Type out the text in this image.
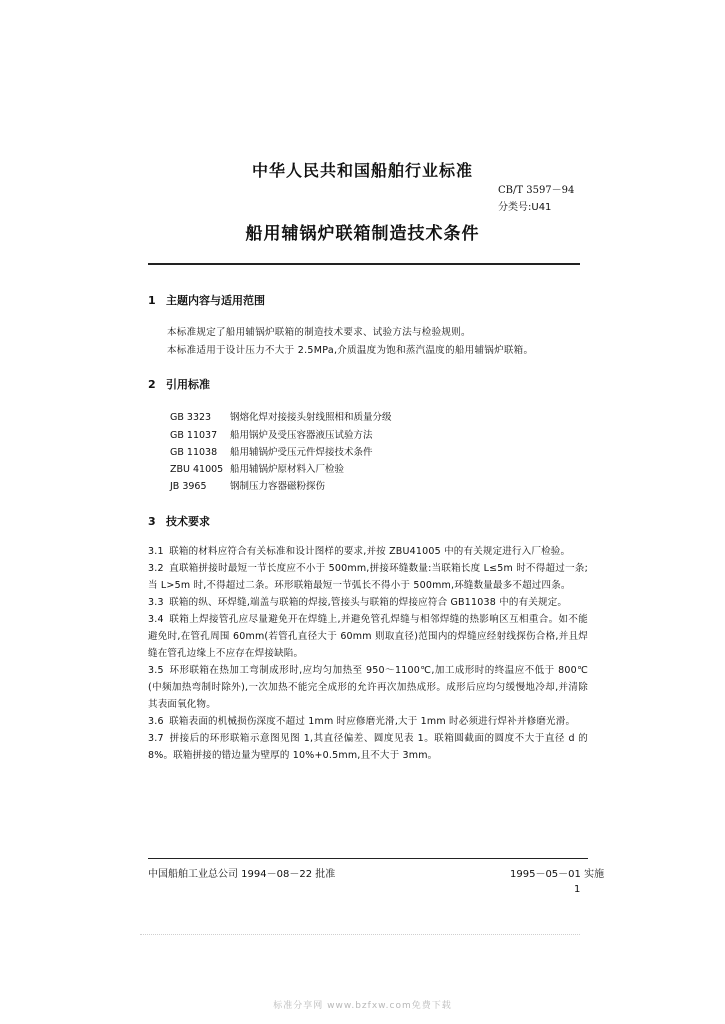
中华人民共和国船舶行业标准
CB/T 3597－94
分类号:U41
船用辅锅炉联箱制造技术条件
1 主题内容与适用范围
本标准规定了船用辅锅炉联箱的制造技术要求、试验方法与检验规则。
本标准适用于设计压力不大于 2.5MPa,介质温度为饱和蒸汽温度的船用辅锅炉联箱。
2 引用标准
GB 3323 钢熔化焊对接接头射线照相和质量分级
GB 11037 船用锅炉及受压容器液压试验方法
GB 11038 船用辅锅炉受压元件焊接技术条件
ZBU 41005 船用辅锅炉原材料入厂检验
JB 3965 钢制压力容器磁粉探伤
3 技术要求
3.1 联箱的材料应符合有关标准和设计图样的要求,并按 ZBU41005 中的有关规定进行入厂检验。
3.2 直联箱拼接时最短一节长度应不小于 500mm,拼接环缝数量:当联箱长度 L≤5m 时不得超过一条;当 L>5m 时,不得超过二条。环形联箱最短一节弧长不得小于 500mm,环缝数量最多不超过四条。
3.3 联箱的纵、环焊缝,端盖与联箱的焊接,管接头与联箱的焊接应符合 GB11038 中的有关规定。
3.4 联箱上焊接管孔应尽量避免开在焊缝上,并避免管孔焊缝与相邻焊缝的热影响区互相重合。如不能避免时,在管孔周围 60mm(若管孔直径大于 60mm 则取直径)范围内的焊缝应经射线探伤合格,并且焊缝在管孔边缘上不应存在焊接缺陷。
3.5 环形联箱在热加工弯制成形时,应均匀加热至 950～1100℃,加工成形时的终温应不低于 800℃(中频加热弯制时除外),一次加热不能完全成形的允许再次加热成形。成形后应均匀缓慢地冷却,并清除其表面氧化物。
3.6 联箱表面的机械损伤深度不超过 1mm 时应修磨光滑,大于 1mm 时必须进行焊补并修磨光滑。
3.7 拼接后的环形联箱示意图见图 1,其直径偏差、圆度见表 1。联箱圆截面的圆度不大于直径 d 的 8%。联箱拼接的错边量为壁厚的 10%+0.5mm,且不大于 3mm。
中国船舶工业总公司 1994－08－22 批准	1995－05－01 实施
1
标准分享网 www.bzfxw.com免费下载
